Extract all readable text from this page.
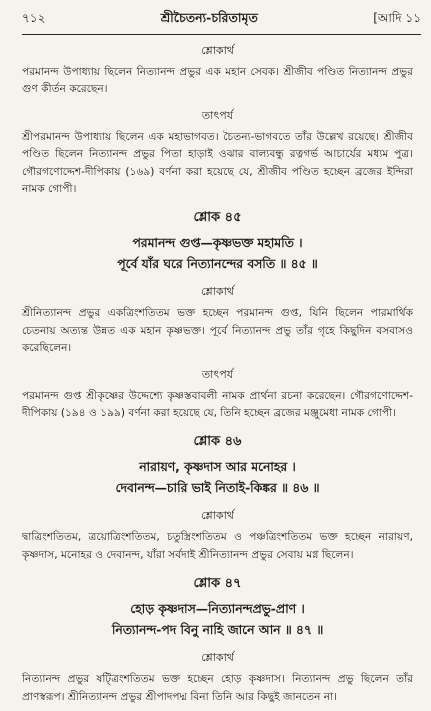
৭১২	শ্রীচৈতন্য-চরিতামৃত	[আদি ১১
শ্লোকার্থ

পরমানন্দ উপাধ্যায় ছিলেন নিত্যানন্দ প্রভুর এক মহান সেবক। শ্রীজীব পণ্ডিত নিত্যানন্দ প্রভুর গুণ কীর্তন করেছেন।

তাৎপর্য

শ্রীপরমানন্দ উপাধ্যায় ছিলেন এক মহাভাগবত। চৈতন্য-ভাগবতে তাঁর উল্লেখ রয়েছে। শ্রীজীব পণ্ডিত ছিলেন নিত্যানন্দ প্রভুর পিতা হাড়াই ওঝার বাল্যবন্ধু রত্নগর্ভ আচার্যের মধ্যম পুত্র। গৌরগণোদ্দেশ-দীপিকায় (১৬৯) বর্ণনা করা হয়েছে যে, শ্রীজীব পণ্ডিত হচ্ছেন ব্রজের ইন্দিরা নামক গোপী।

শ্লোক ৪৫
পরমানন্দ গুপ্ত—কৃষ্ণভক্ত মহামতি ।
পূর্বে যাঁর ঘরে নিত্যানন্দের বসতি ॥ ৪৫ ॥
শ্লোকার্থ

শ্রীনিত্যানন্দ প্রভুর একত্রিংশতিতম ভক্ত হচ্ছেন পরমানন্দ গুপ্ত, যিনি ছিলেন পারমার্থিক চেতনায় অত্যন্ত উন্নত এক মহান কৃষ্ণভক্ত। পূর্বে নিত্যানন্দ প্রভু তাঁর গৃহে কিছুদিন বসবাসও করেছিলেন।

তাৎপর্য

পরমানন্দ গুপ্ত শ্রীকৃষ্ণের উদ্দেশ্যে কৃষ্ণস্তবাবলী নামক প্রার্থনা রচনা করেছেন। গৌরগণোদ্দেশ-দীপিকায় (১৯৪ ও ১৯৯) বর্ণনা করা হয়েছে যে, তিনি হচ্ছেন ব্রজের মঞ্জুমেধা নামক গোপী।

শ্লোক ৪৬
নারায়ণ, কৃষ্ণদাস আর মনোহর ।
দেবানন্দ—চারি ভাই নিতাই-কিঙ্কর ॥ ৪৬ ॥
শ্লোকার্থ

দ্বাত্রিংশতিতম, ত্রয়োত্রিংশতিতম, চতুস্ত্রিংশতিতম ও পঞ্চত্রিংশতিতম ভক্ত হচ্ছেন নারায়ণ, কৃষ্ণদাস, মনোহর ও দেবানন্দ, যাঁরা সর্বদাই শ্রীনিত্যানন্দ প্রভুর সেবায় মগ্ন ছিলেন।

শ্লোক ৪৭
হোড় কৃষ্ণদাস—নিত্যানন্দপ্রভু-প্রাণ ।
নিত্যানন্দ-পদ বিনু নাহি জানে আন ॥ ৪৭ ॥
শ্লোকার্থ

নিত্যানন্দ প্রভুর ষট্ত্রিংশতিতম ভক্ত হচ্ছেন হোড় কৃষ্ণদাস। নিত্যানন্দ প্রভু ছিলেন তাঁর প্রাণস্বরূপ। শ্রীনিত্যানন্দ প্রভুর শ্রীপাদপদ্ম বিনা তিনি আর কিছুই জানতেন না।
